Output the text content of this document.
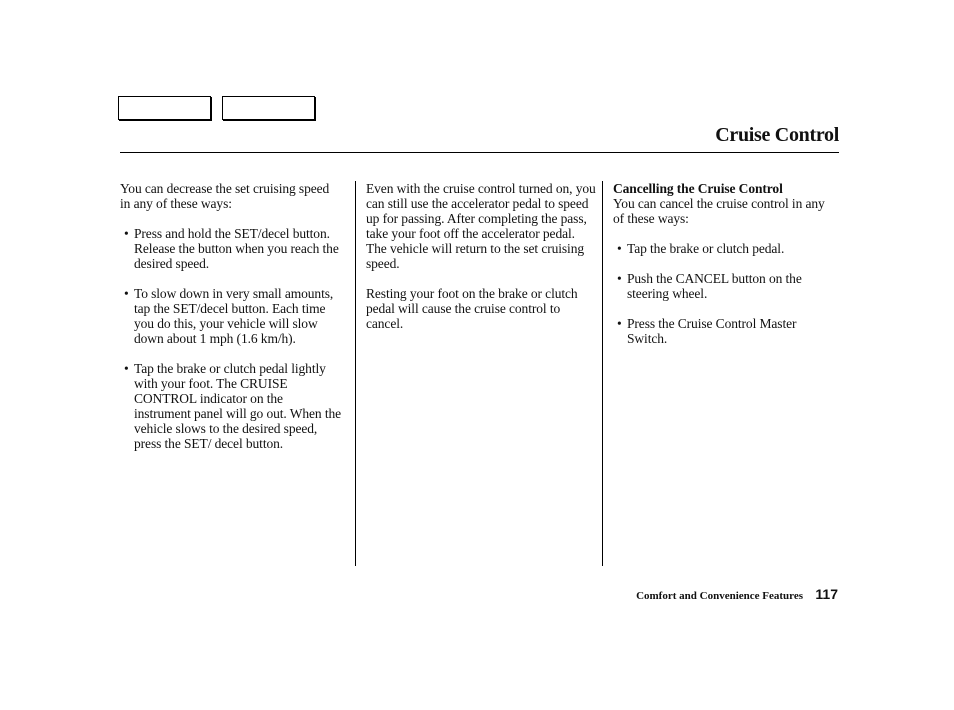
Cruise Control

You can decrease the set cruising speed in any of these ways:

• Press and hold the SET/decel button. Release the button when you reach the desired speed.
• To slow down in very small amounts, tap the SET/decel button. Each time you do this, your vehicle will slow down about 1 mph (1.6 km/h).
• Tap the brake or clutch pedal lightly with your foot. The CRUISE CONTROL indicator on the instrument panel will go out. When the vehicle slows to the desired speed, press the SET/ decel button.

Even with the cruise control turned on, you can still use the accelerator pedal to speed up for passing. After completing the pass, take your foot off the accelerator pedal. The vehicle will return to the set cruising speed.

Resting your foot on the brake or clutch pedal will cause the cruise control to cancel.

Cancelling the Cruise Control
You can cancel the cruise control in any of these ways:

• Tap the brake or clutch pedal.
• Push the CANCEL button on the steering wheel.
• Press the Cruise Control Master Switch.
Comfort and Convenience Features 117
